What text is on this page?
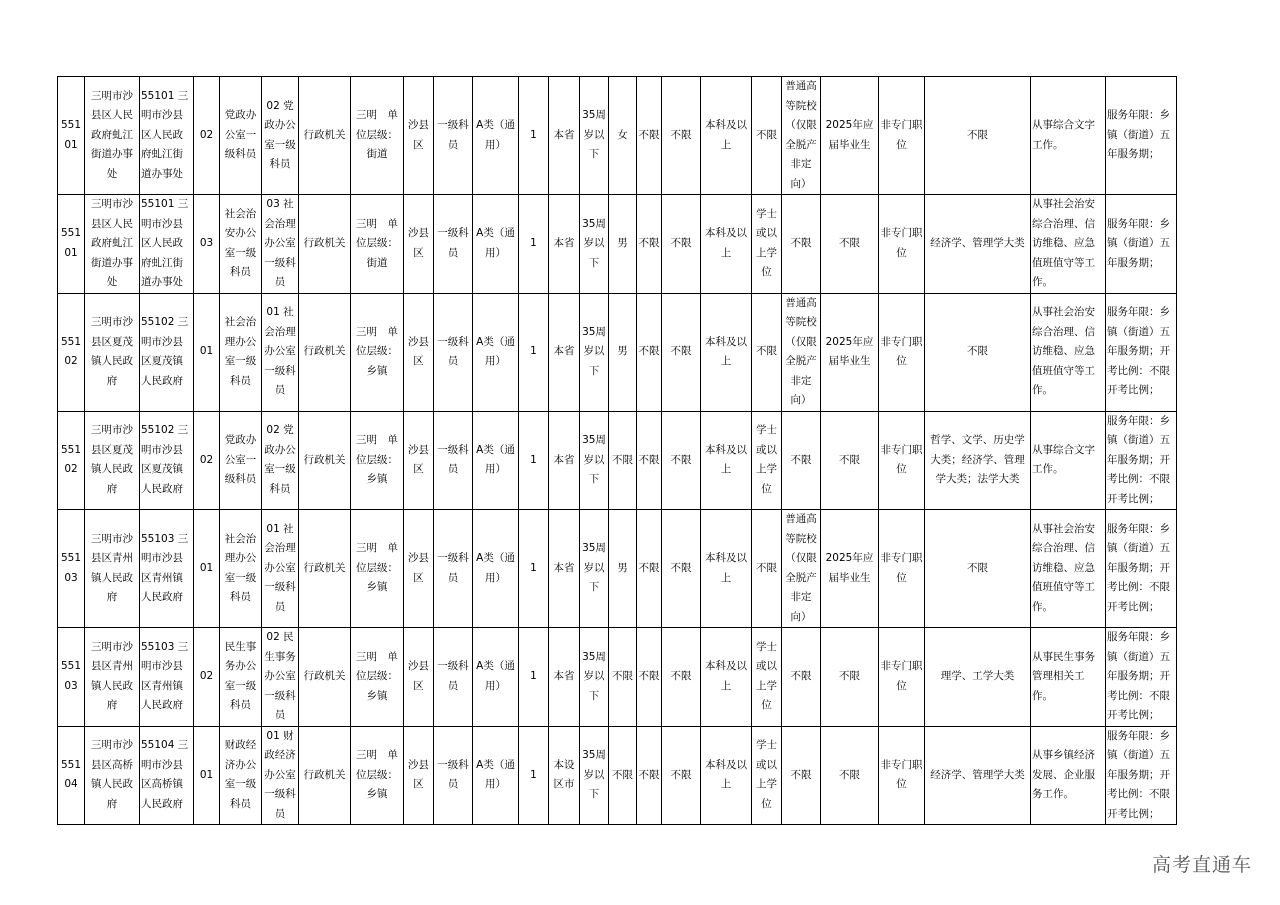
55101	三明市沙县区人民政府虬江街道办事处	55101 三明市沙县区人民政府虬江街道办事处	02	党政办公室一级科员	02 党政办公室一级科员	行政机关	三明　单位层级：街道	沙县区	一级科员	A类（通用）	1	本省	35周岁以下	女	不限	不限	本科及以上	不限	普通高等院校（仅限全脱产非定向）	2025年应届毕业生	非专门职位	不限	从事综合文字工作。	服务年限：乡镇（街道）五年服务期；
55101	三明市沙县区人民政府虬江街道办事处	55101 三明市沙县区人民政府虬江街道办事处	03	社会治安办公室一级科员	03 社会治理办公室一级科员	行政机关	三明　单位层级：街道	沙县区	一级科员	A类（通用）	1	本省	35周岁以下	男	不限	不限	本科及以上	学士或以上学位	不限	不限	非专门职位	经济学、管理学大类	从事社会治安综合治理、信访维稳、应急值班值守等工作。	服务年限：乡镇（街道）五年服务期；
55102	三明市沙县区夏茂镇人民政府	55102 三明市沙县区夏茂镇人民政府	01	社会治理办公室一级科员	01 社会治理办公室一级科员	行政机关	三明　单位层级：乡镇	沙县区	一级科员	A类（通用）	1	本省	35周岁以下	男	不限	不限	本科及以上	不限	普通高等院校（仅限全脱产非定向）	2025年应届毕业生	非专门职位	不限	从事社会治安综合治理、信访维稳、应急值班值守等工作。	服务年限：乡镇（街道）五年服务期；开考比例：不限开考比例；
55102	三明市沙县区夏茂镇人民政府	55102 三明市沙县区夏茂镇人民政府	02	党政办公室一级科员	02 党政办公室一级科员	行政机关	三明　单位层级：乡镇	沙县区	一级科员	A类（通用）	1	本省	35周岁以下	不限	不限	不限	本科及以上	学士或以上学位	不限	不限	非专门职位	哲学、文学、历史学大类；经济学、管理学大类；法学大类	从事综合文字工作。	服务年限：乡镇（街道）五年服务期；开考比例：不限开考比例；
55103	三明市沙县区青州镇人民政府	55103 三明市沙县区青州镇人民政府	01	社会治理办公室一级科员	01 社会治理办公室一级科员	行政机关	三明　单位层级：乡镇	沙县区	一级科员	A类（通用）	1	本省	35周岁以下	男	不限	不限	本科及以上	不限	普通高等院校（仅限全脱产非定向）	2025年应届毕业生	非专门职位	不限	从事社会治安综合治理、信访维稳、应急值班值守等工作。	服务年限：乡镇（街道）五年服务期；开考比例：不限开考比例；
55103	三明市沙县区青州镇人民政府	55103 三明市沙县区青州镇人民政府	02	民生事务办公室一级科员	02 民生事务办公室一级科员	行政机关	三明　单位层级：乡镇	沙县区	一级科员	A类（通用）	1	本省	35周岁以下	不限	不限	不限	本科及以上	学士或以上学位	不限	不限	非专门职位	理学、工学大类	从事民生事务管理相关工作。	服务年限：乡镇（街道）五年服务期；开考比例：不限开考比例；
55104	三明市沙县区高桥镇人民政府	55104 三明市沙县区高桥镇人民政府	01	财政经济办公室一级科员	01 财政经济办公室一级科员	行政机关	三明　单位层级：乡镇	沙县区	一级科员	A类（通用）	1	本设区市	35周岁以下	不限	不限	不限	本科及以上	学士或以上学位	不限	不限	非专门职位	经济学、管理学大类	从事乡镇经济发展、企业服务工作。	服务年限：乡镇（街道）五年服务期；开考比例：不限开考比例；
高考直通车
